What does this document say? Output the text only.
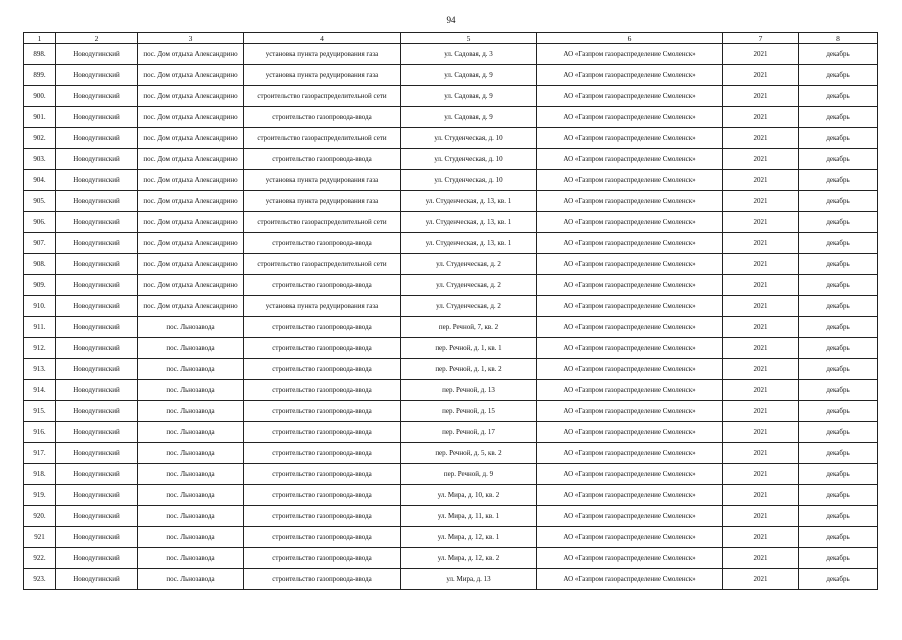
94
1	2	3	4	5	6	7	8
898.	Новодугинский	пос. Дом отдыха Александрино	установка пункта редуцирования газа	ул. Садовая, д. 3	АО «Газпром газораспределение Смоленск»	2021	декабрь
899.	Новодугинский	пос. Дом отдыха Александрино	установка пункта редуцирования газа	ул. Садовая, д. 9	АО «Газпром газораспределение Смоленск»	2021	декабрь
900.	Новодугинский	пос. Дом отдыха Александрино	строительство газораспределительной сети	ул. Садовая, д. 9	АО «Газпром газораспределение Смоленск»	2021	декабрь
901.	Новодугинский	пос. Дом отдыха Александрино	строительство газопровода-ввода	ул. Садовая, д. 9	АО «Газпром газораспределение Смоленск»	2021	декабрь
902.	Новодугинский	пос. Дом отдыха Александрино	строительство газораспределительной сети	ул. Студенческая, д. 10	АО «Газпром газораспределение Смоленск»	2021	декабрь
903.	Новодугинский	пос. Дом отдыха Александрино	строительство газопровода-ввода	ул. Студенческая, д. 10	АО «Газпром газораспределение Смоленск»	2021	декабрь
904.	Новодугинский	пос. Дом отдыха Александрино	установка пункта редуцирования газа	ул. Студенческая, д. 10	АО «Газпром газораспределение Смоленск»	2021	декабрь
905.	Новодугинский	пос. Дом отдыха Александрино	установка пункта редуцирования газа	ул. Студенческая, д. 13, кв. 1	АО «Газпром газораспределение Смоленск»	2021	декабрь
906.	Новодугинский	пос. Дом отдыха Александрино	строительство газораспределительной сети	ул. Студенческая, д. 13, кв. 1	АО «Газпром газораспределение Смоленск»	2021	декабрь
907.	Новодугинский	пос. Дом отдыха Александрино	строительство газопровода-ввода	ул. Студенческая, д. 13, кв. 1	АО «Газпром газораспределение Смоленск»	2021	декабрь
908.	Новодугинский	пос. Дом отдыха Александрино	строительство газораспределительной сети	ул. Студенческая, д. 2	АО «Газпром газораспределение Смоленск»	2021	декабрь
909.	Новодугинский	пос. Дом отдыха Александрино	строительство газопровода-ввода	ул. Студенческая, д. 2	АО «Газпром газораспределение Смоленск»	2021	декабрь
910.	Новодугинский	пос. Дом отдыха Александрино	установка пункта редуцирования газа	ул. Студенческая, д. 2	АО «Газпром газораспределение Смоленск»	2021	декабрь
911.	Новодугинский	пос. Льнозавода	строительство газопровода-ввода	пер. Речной, 7, кв. 2	АО «Газпром газораспределение Смоленск»	2021	декабрь
912.	Новодугинский	пос. Льнозавода	строительство газопровода-ввода	пер. Речной, д. 1, кв. 1	АО «Газпром газораспределение Смоленск»	2021	декабрь
913.	Новодугинский	пос. Льнозавода	строительство газопровода-ввода	пер. Речной, д. 1, кв. 2	АО «Газпром газораспределение Смоленск»	2021	декабрь
914.	Новодугинский	пос. Льнозавода	строительство газопровода-ввода	пер. Речной, д. 13	АО «Газпром газораспределение Смоленск»	2021	декабрь
915.	Новодугинский	пос. Льнозавода	строительство газопровода-ввода	пер. Речной, д. 15	АО «Газпром газораспределение Смоленск»	2021	декабрь
916.	Новодугинский	пос. Льнозавода	строительство газопровода-ввода	пер. Речной, д. 17	АО «Газпром газораспределение Смоленск»	2021	декабрь
917.	Новодугинский	пос. Льнозавода	строительство газопровода-ввода	пер. Речной, д. 5, кв. 2	АО «Газпром газораспределение Смоленск»	2021	декабрь
918.	Новодугинский	пос. Льнозавода	строительство газопровода-ввода	пер. Речной, д. 9	АО «Газпром газораспределение Смоленск»	2021	декабрь
919.	Новодугинский	пос. Льнозавода	строительство газопровода-ввода	ул. Мира, д. 10, кв. 2	АО «Газпром газораспределение Смоленск»	2021	декабрь
920.	Новодугинский	пос. Льнозавода	строительство газопровода-ввода	ул. Мира, д. 11, кв. 1	АО «Газпром газораспределение Смоленск»	2021	декабрь
921	Новодугинский	пос. Льнозавода	строительство газопровода-ввода	ул. Мира, д. 12, кв. 1	АО «Газпром газораспределение Смоленск»	2021	декабрь
922.	Новодугинский	пос. Льнозавода	строительство газопровода-ввода	ул. Мира, д. 12, кв. 2	АО «Газпром газораспределение Смоленск»	2021	декабрь
923.	Новодугинский	пос. Льнозавода	строительство газопровода-ввода	ул. Мира, д. 13	АО «Газпром газораспределение Смоленск»	2021	декабрь
